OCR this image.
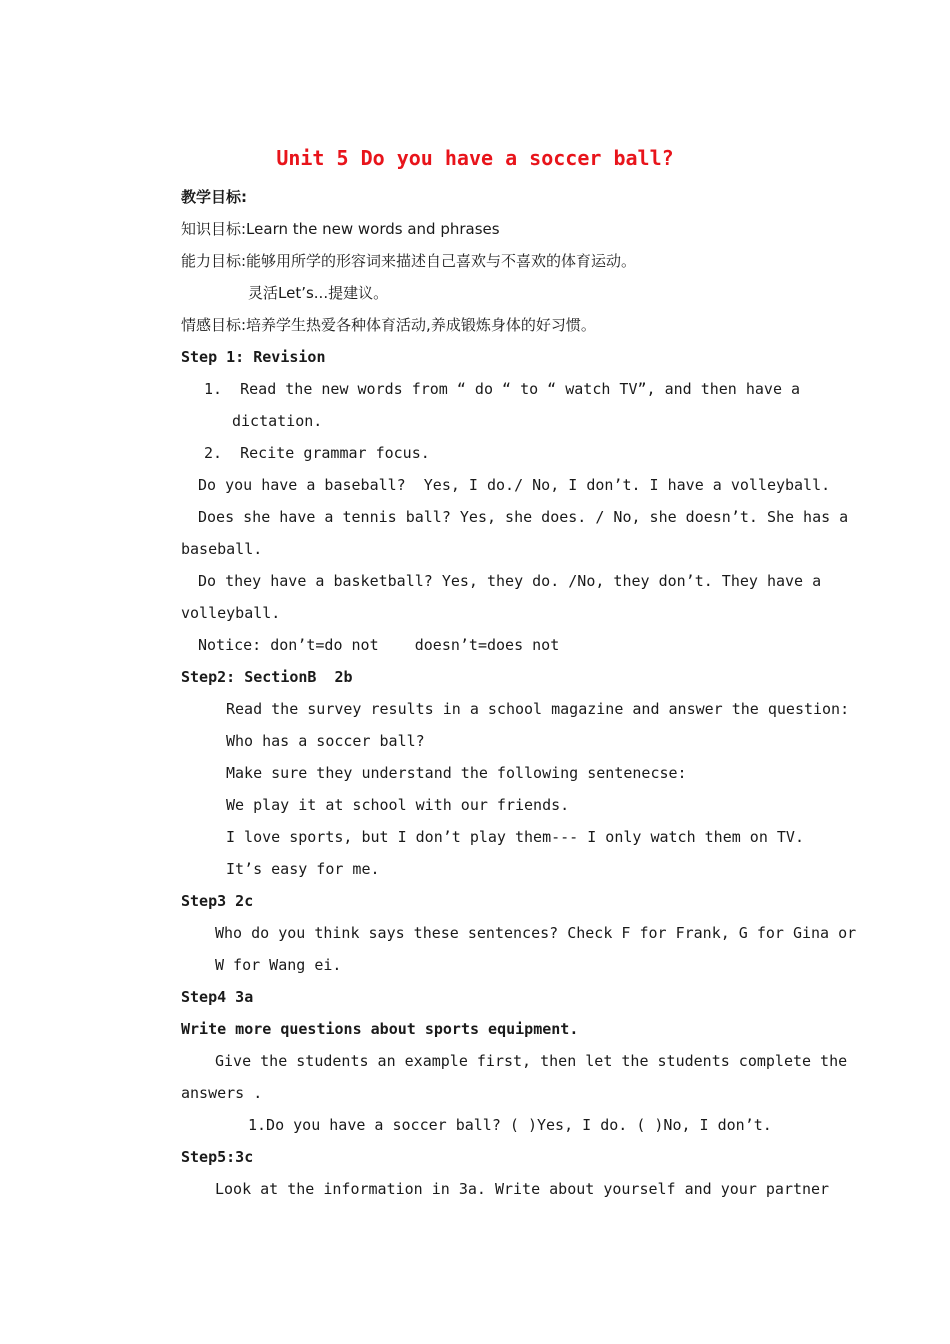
Unit 5 Do you have a soccer ball?
教学目标:
知识目标:Learn the new words and phrases
能力目标:能够用所学的形容词来描述自己喜欢与不喜欢的体育运动。
灵活Let’s...提建议。
情感目标:培养学生热爱各种体育活动,养成锻炼身体的好习惯。
Step 1: Revision
1.  Read the new words from “ do “ to “ watch TV”, and then have a
dictation.
2.  Recite grammar focus.
Do you have a baseball?  Yes, I do./ No, I don’t. I have a volleyball.
Does she have a tennis ball? Yes, she does. / No, she doesn’t. She has a
baseball.
Do they have a basketball? Yes, they do. /No, they don’t. They have a
volleyball.
Notice: don’t=do not    doesn’t=does not
Step2: SectionB  2b
Read the survey results in a school magazine and answer the question:
Who has a soccer ball?
Make sure they understand the following sentenecse:
We play it at school with our friends.
I love sports, but I don’t play them--- I only watch them on TV.
It’s easy for me.
Step3 2c
Who do you think says these sentences? Check F for Frank, G for Gina or
W for Wang ei.
Step4 3a
Write more questions about sports equipment.
Give the students an example first, then let the students complete the
answers .
1.Do you have a soccer ball? ( )Yes, I do. ( )No, I don’t.
Step5:3c
Look at the information in 3a. Write about yourself and your partner
